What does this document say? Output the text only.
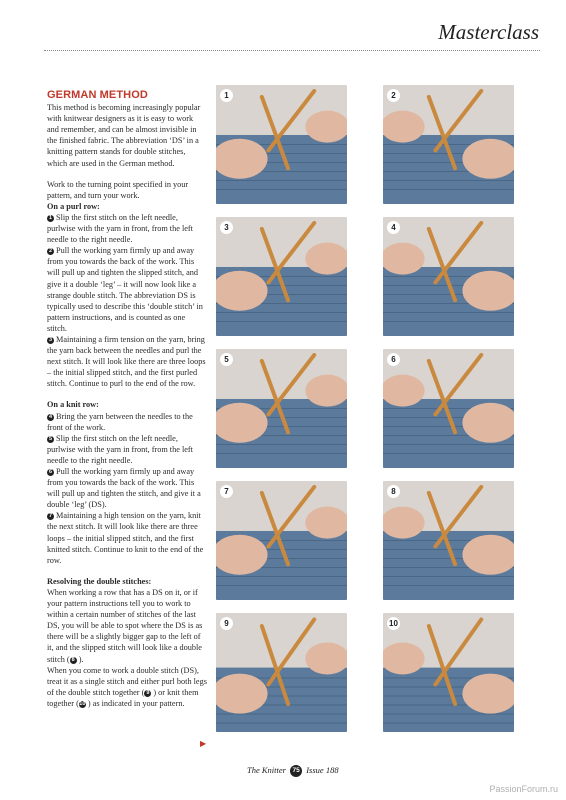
Masterclass
GERMAN METHOD

This method is becoming increasingly popular with knitwear designers as it is easy to work and remember, and can be almost invisible in the finished fabric. The abbreviation ‘DS’ in a knitting pattern stands for double stitches, which are used in the German method.

Work to the turning point specified in your pattern, and turn your work.

On a purl row:

1 Slip the first stitch on the left needle, purlwise with the yarn in front, from the left needle to the right needle.

2 Pull the working yarn firmly up and away from you towards the back of the work. This will pull up and tighten the slipped stitch, and give it a double ‘leg’ – it will now look like a strange double stitch. The abbreviation DS is typically used to describe this ‘double stitch’ in pattern instructions, and is counted as one stitch.

3 Maintaining a firm tension on the yarn, bring the yarn back between the needles and purl the next stitch. It will look like there are three loops – the initial slipped stitch, and the first purled stitch. Continue to purl to the end of the row.

On a knit row:

4 Bring the yarn between the needles to the front of the work.

5 Slip the first stitch on the left needle, purlwise with the yarn in front, from the left needle to the right needle.

6 Pull the working yarn firmly up and away from you towards the back of the work. This will pull up and tighten the stitch, and give it a double ‘leg’ (DS).

7 Maintaining a high tension on the yarn, knit the next stitch. It will look like there are three loops – the initial slipped stitch, and the first knitted stitch. Continue to knit to the end of the row.

Resolving the double stitches:

When working a row that has a DS on it, or if your pattern instructions tell you to work to within a certain number of stitches of the last DS, you will be able to spot where the DS is as there will be a slightly bigger gap to the left of it, and the slipped stitch will look like a double stitch ( 8 ).

When you come to work a double stitch (DS), treat it as a single stitch and either purl both legs of the double stitch together ( 9 ) or knit them together (10 ) as indicated in your pattern.

▶
1	2
3	4
5	6
7	8
9	10
The Knitter 75 Issue 188
PassionForum.ru
